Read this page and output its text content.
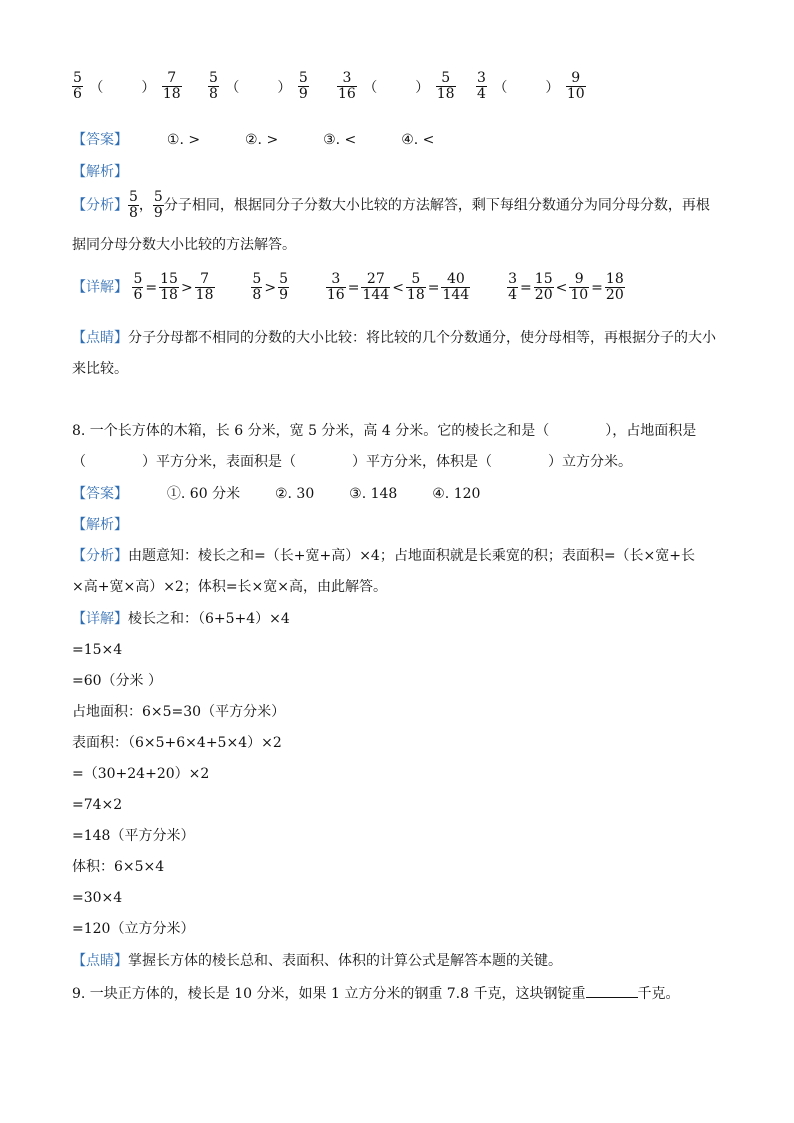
$\frac{5}{6}$ （	） $\frac{7}{18} \frac{5}{8}$ （	） $\frac{5}{9} \frac{3}{16}$ （	） $\frac{5}{18} \frac{3}{4}$ （	） $\frac{9}{10}$
【答案】	①. >	②. >	③. <	④. <
【解析】
【分析】 $\frac{5}{8}$ ， $\frac{5}{9}$ 分子相同，根据同分子分数大小比较的方法解答，剩下每组分数通分为同分母分数，再根
据同分母分数大小比较的方法解答。
【详解】 $\frac{5}{6} = \frac{15}{18} > \frac{7}{18}$
	$\frac{5}{8} > \frac{5}{9}$
	$\frac{3}{16} = \frac{27}{144} < \frac{5}{18} = \frac{40}{144}$
	$\frac{3}{4} = \frac{15}{20} < \frac{9}{10} = \frac{18}{20}$
【点睛】分子分母都不相同的分数的大小比较：将比较的几个分数通分，使分母相等，再根据分子的大小
来比较。
8. 一个长方体的木箱，长 6 分米，宽 5 分米，高 4 分米。它的棱长之和是（　　　　），占地面积是
（　　　　）平方分米，表面积是（　　　　）平方分米，体积是（　　　　）立方分米。
【答案】	①. 60 分米 ②. 30 ③. 148 ④. 120
【解析】
【分析】由题意知：棱长之和=（长+宽+高）×4；占地面积就是长乘宽的积；表面积=（长×宽+长
×高+宽×高）×2；体积=长×宽×高，由此解答。
【详解】棱长之和：（6+5+4）×4
=15×4
=60（分米 ）
占地面积：6×5=30（平方分米）
表面积：（6×5+6×4+5×4）×2
=（30+24+20）×2
=74×2
=148（平方分米）
体积：6×5×4
=30×4
=120（立方分米）
【点睛】掌握长方体的棱长总和、表面积、体积的计算公式是解答本题的关键。
9. 一块正方体的，棱长是 10 分米，如果 1 立方分米的钢重 7.8 千克，这块钢锭重	千克。
